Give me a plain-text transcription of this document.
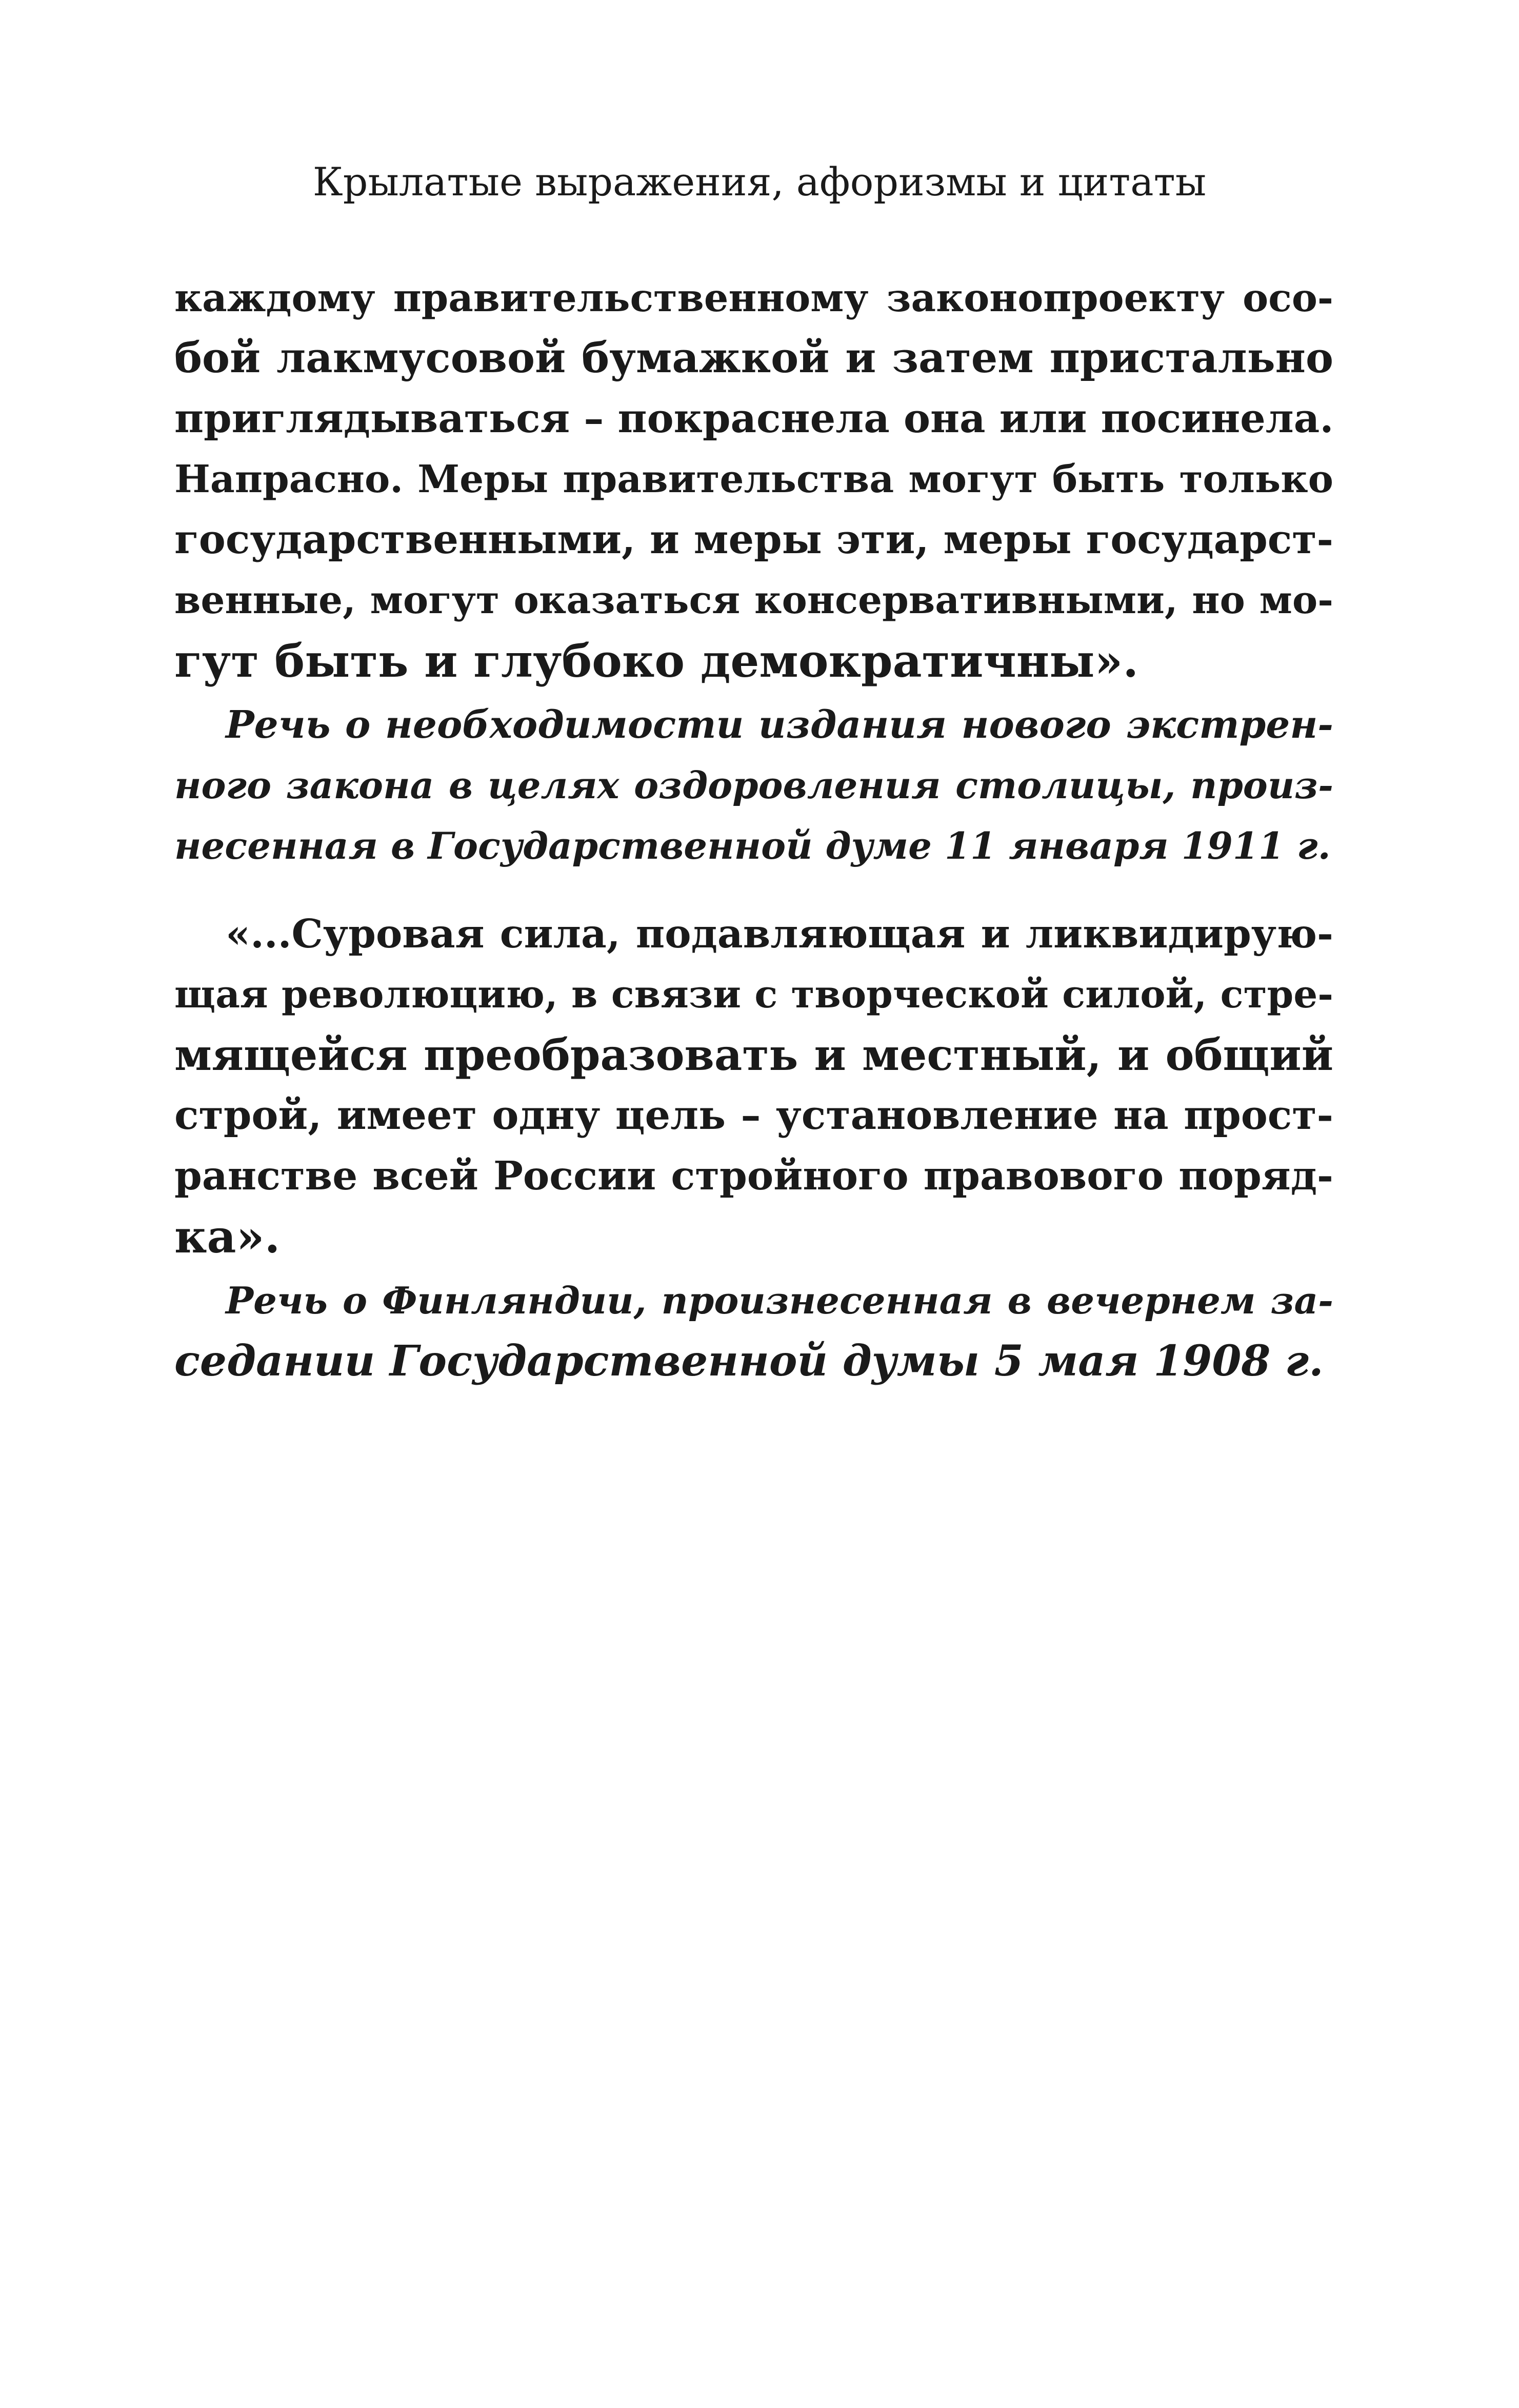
Крылатые выражения, афоризмы и цитаты
каждому правительственному законопроекту осо-
бой лакмусовой бумажкой и затем пристально
приглядываться – покраснела она или посинела.
Напрасно. Меры правительства могут быть только
государственными, и меры эти, меры государст-
венные, могут оказаться консервативными, но мо-
гут быть и глубоко демократичны».
Речь о необходимости издания нового экстрен-
ного закона в целях оздоровления столицы, произ-
несенная в Государственной думе 11 января 1911 г.
«...Суровая сила, подавляющая и ликвидирую-
щая революцию, в связи с творческой силой, стре-
мящейся преобразовать и местный, и общий
строй, имеет одну цель – установление на прост-
ранстве всей России стройного правового поряд-
ка».
Речь о Финляндии, произнесенная в вечернем за-
седании Государственной думы 5 мая 1908 г.
